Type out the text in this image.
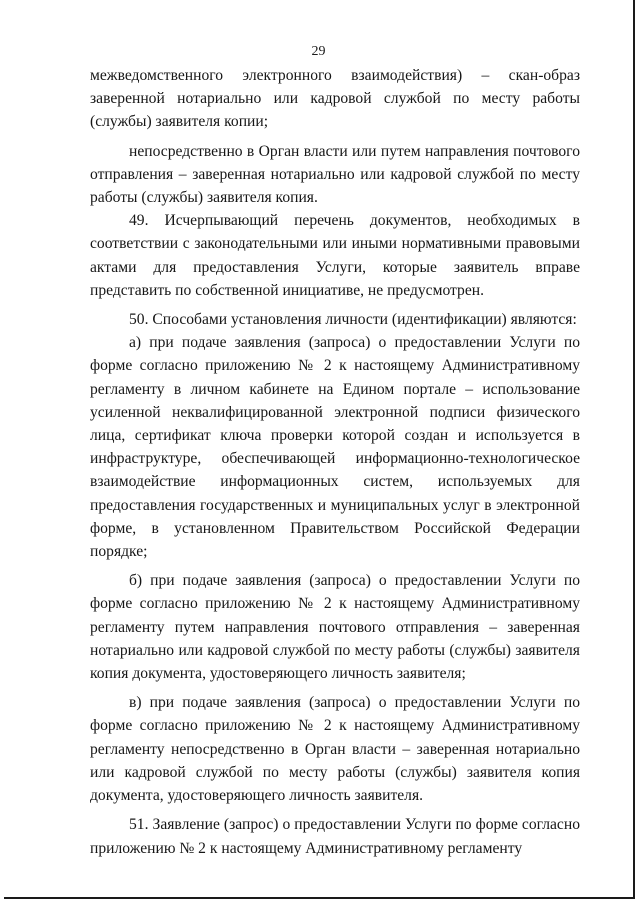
29

межведомственного электронного взаимодействия) – скан-образ заверенной нотариально или кадровой службой по месту работы (службы) заявителя копии;

непосредственно в Орган власти или путем направления почтового отправления – заверенная нотариально или кадровой службой по месту работы (службы) заявителя копия.

49. Исчерпывающий перечень документов, необходимых в соответствии с законодательными или иными нормативными правовыми актами для предоставления Услуги, которые заявитель вправе представить по собственной инициативе, не предусмотрен.

50. Способами установления личности (идентификации) являются:

а) при подаче заявления (запроса) о предоставлении Услуги по форме согласно приложению № 2 к настоящему Административному регламенту в личном кабинете на Едином портале – использование усиленной неквалифицированной электронной подписи физического лица, сертификат ключа проверки которой создан и используется в инфраструктуре, обеспечивающей информационно-технологическое взаимодействие информационных систем, используемых для предоставления государственных и муниципальных услуг в электронной форме, в установленном Правительством Российской Федерации порядке;

б) при подаче заявления (запроса) о предоставлении Услуги по форме согласно приложению № 2 к настоящему Административному регламенту путем направления почтового отправления – заверенная нотариально или кадровой службой по месту работы (службы) заявителя копия документа, удостоверяющего личность заявителя;

в) при подаче заявления (запроса) о предоставлении Услуги по форме согласно приложению № 2 к настоящему Административному регламенту непосредственно в Орган власти – заверенная нотариально или кадровой службой по месту работы (службы) заявителя копия документа, удостоверяющего личность заявителя.

51. Заявление (запрос) о предоставлении Услуги по форме согласно приложению № 2 к настоящему Административному регламенту
